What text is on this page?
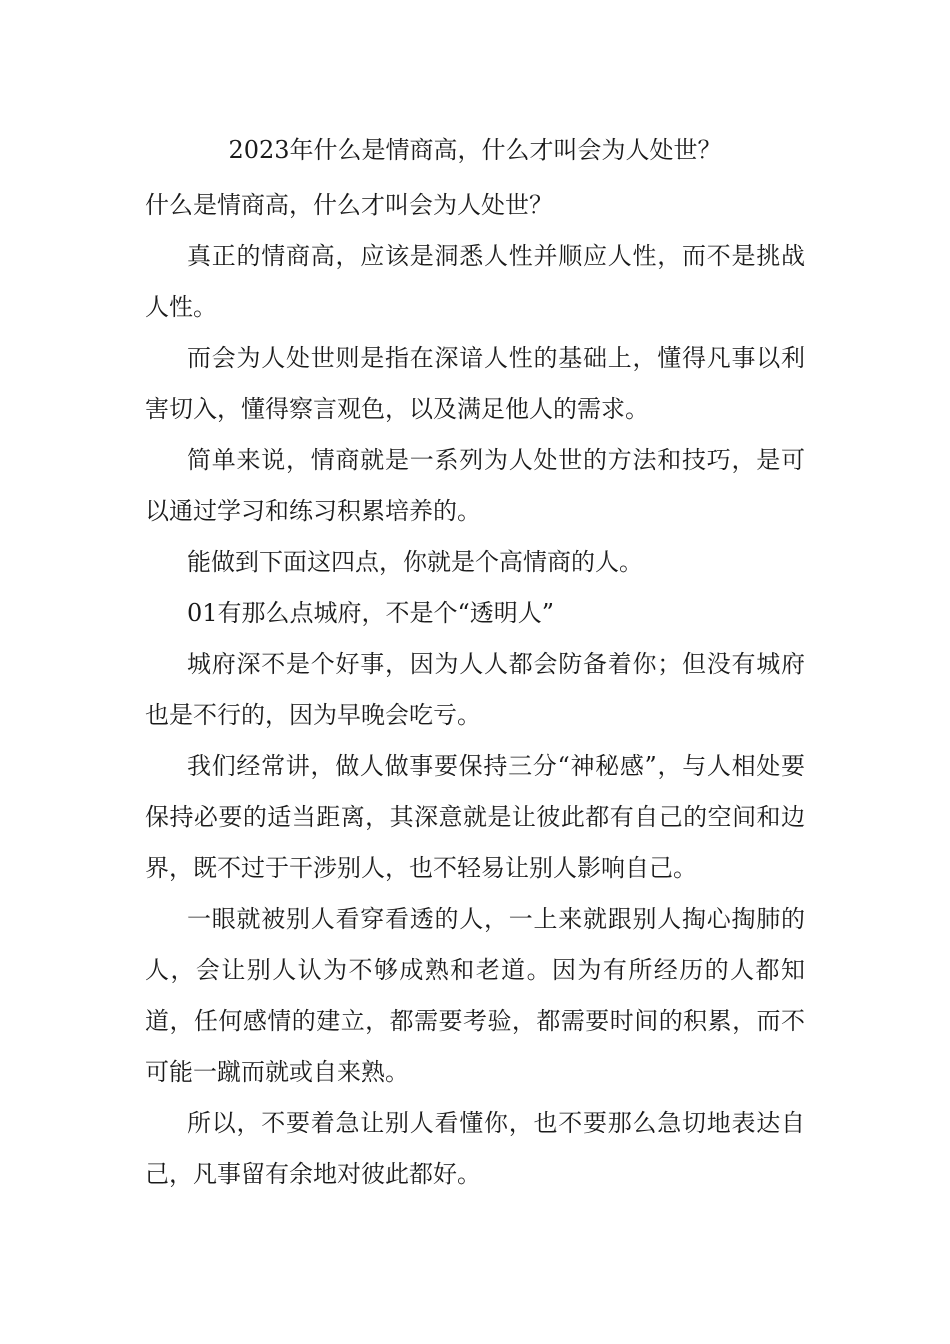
2023年什么是情商高，什么才叫会为人处世？

什么是情商高，什么才叫会为人处世？

真正的情商高，应该是洞悉人性并顺应人性，而不是挑战人性。

而会为人处世则是指在深谙人性的基础上，懂得凡事以利害切入，懂得察言观色，以及满足他人的需求。

简单来说，情商就是一系列为人处世的方法和技巧，是可以通过学习和练习积累培养的。

能做到下面这四点，你就是个高情商的人。

01有那么点城府，不是个“透明人”

城府深不是个好事，因为人人都会防备着你；但没有城府也是不行的，因为早晚会吃亏。

我们经常讲，做人做事要保持三分“神秘感”，与人相处要保持必要的适当距离，其深意就是让彼此都有自己的空间和边界，既不过于干涉别人，也不轻易让别人影响自己。

一眼就被别人看穿看透的人，一上来就跟别人掏心掏肺的人，会让别人认为不够成熟和老道。因为有所经历的人都知道，任何感情的建立，都需要考验，都需要时间的积累，而不可能一蹴而就或自来熟。

所以，不要着急让别人看懂你，也不要那么急切地表达自己，凡事留有余地对彼此都好。
